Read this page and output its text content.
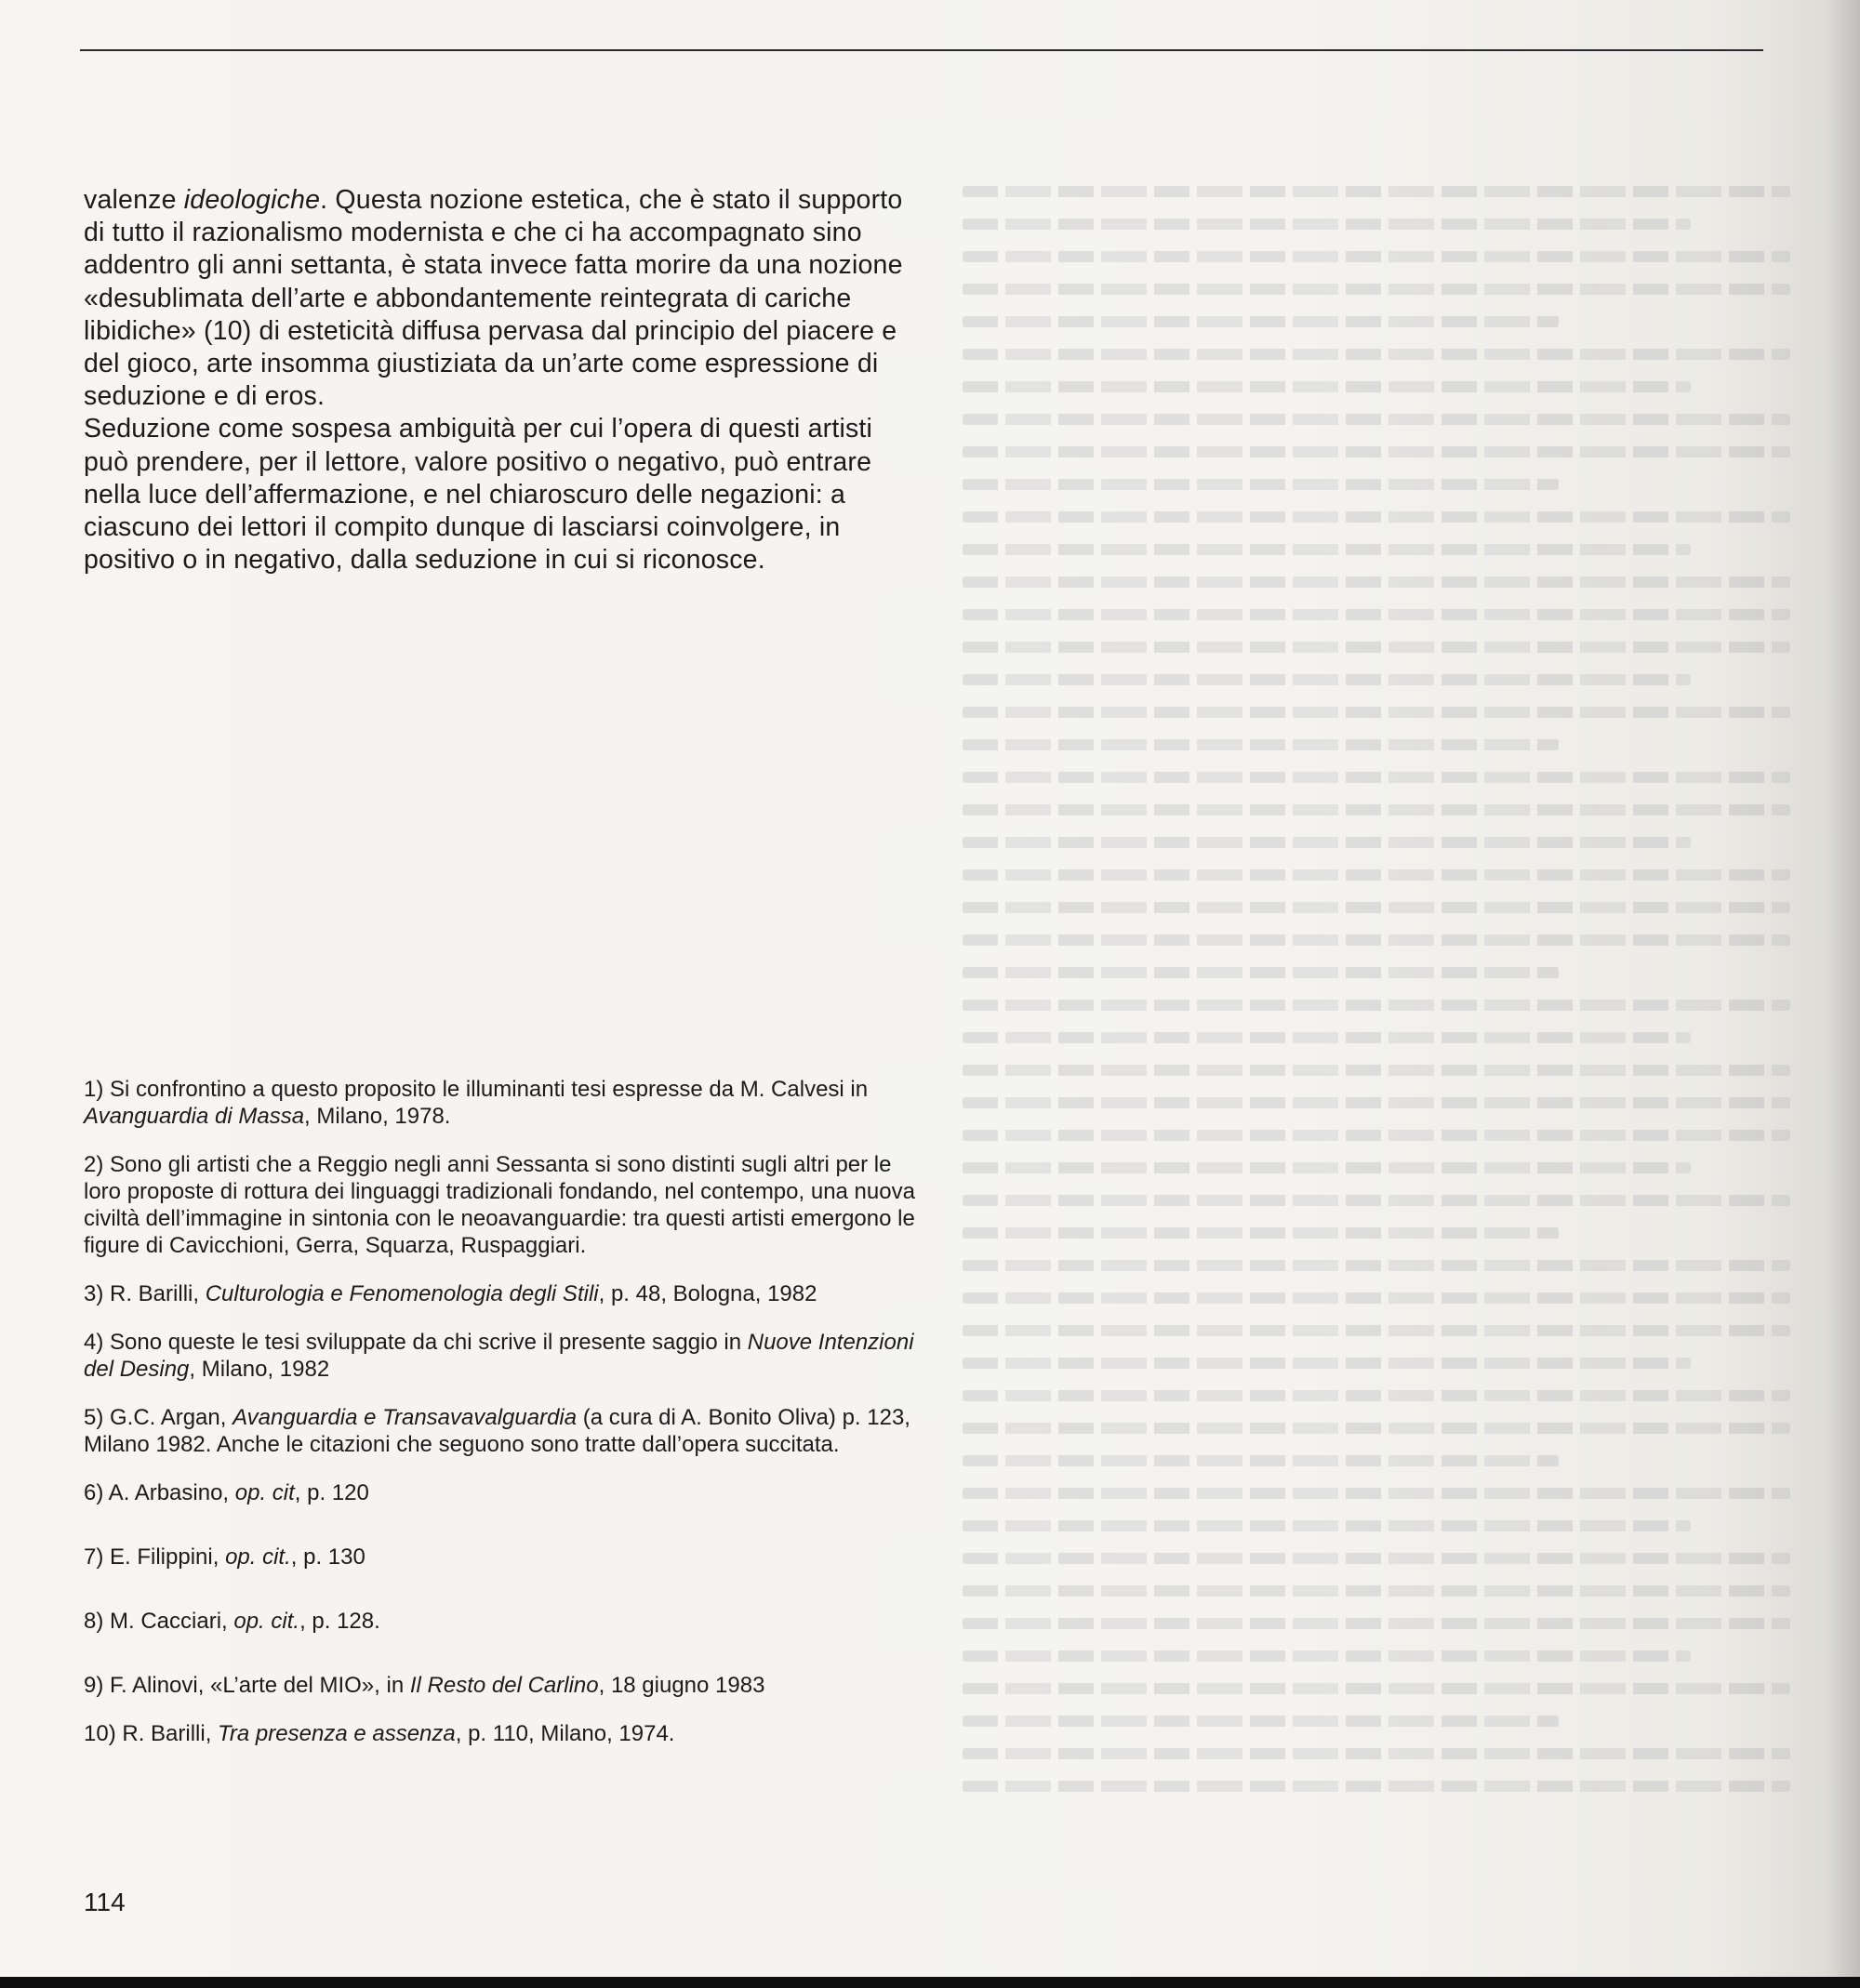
valenze ideologiche. Questa nozione estetica, che è stato il supporto di tutto il razionalismo modernista e che ci ha accompagnato sino addentro gli anni settanta, è stata invece fatta morire da una nozione «desublimata dell’arte e abbondantemente reintegrata di cariche libidiche» (10) di esteticità diffusa pervasa dal principio del piacere e del gioco, arte insomma giustiziata da un’arte come espressione di seduzione e di eros.

Seduzione come sospesa ambiguità per cui l’opera di questi artisti può prendere, per il lettore, valore positivo o negativo, può entrare nella luce dell’affermazione, e nel chiaroscuro delle negazioni: a ciascuno dei lettori il compito dunque di lasciarsi coinvolgere, in positivo o in negativo, dalla seduzione in cui si riconosce.

1) Si confrontino a questo proposito le illuminanti tesi espresse da M. Calvesi in Avanguardia di Massa, Milano, 1978.

2) Sono gli artisti che a Reggio negli anni Sessanta si sono distinti sugli altri per le loro proposte di rottura dei linguaggi tradizionali fondando, nel contempo, una nuova civiltà dell’immagine in sintonia con le neoavanguardie: tra questi artisti emergono le figure di Cavicchioni, Gerra, Squarza, Ruspaggiari.

3) R. Barilli, Culturologia e Fenomenologia degli Stili, p. 48, Bologna, 1982

4) Sono queste le tesi sviluppate da chi scrive il presente saggio in Nuove Intenzioni del Desing, Milano, 1982

5) G.C. Argan, Avanguardia e Transavavalguardia (a cura di A. Bonito Oliva) p. 123, Milano 1982. Anche le citazioni che seguono sono tratte dall’opera succitata.

6) A. Arbasino, op. cit, p. 120

7) E. Filippini, op. cit., p. 130

8) M. Cacciari, op. cit., p. 128.

9) F. Alinovi, «L’arte del MIO», in Il Resto del Carlino, 18 giugno 1983

10) R. Barilli, Tra presenza e assenza, p. 110, Milano, 1974.

114
